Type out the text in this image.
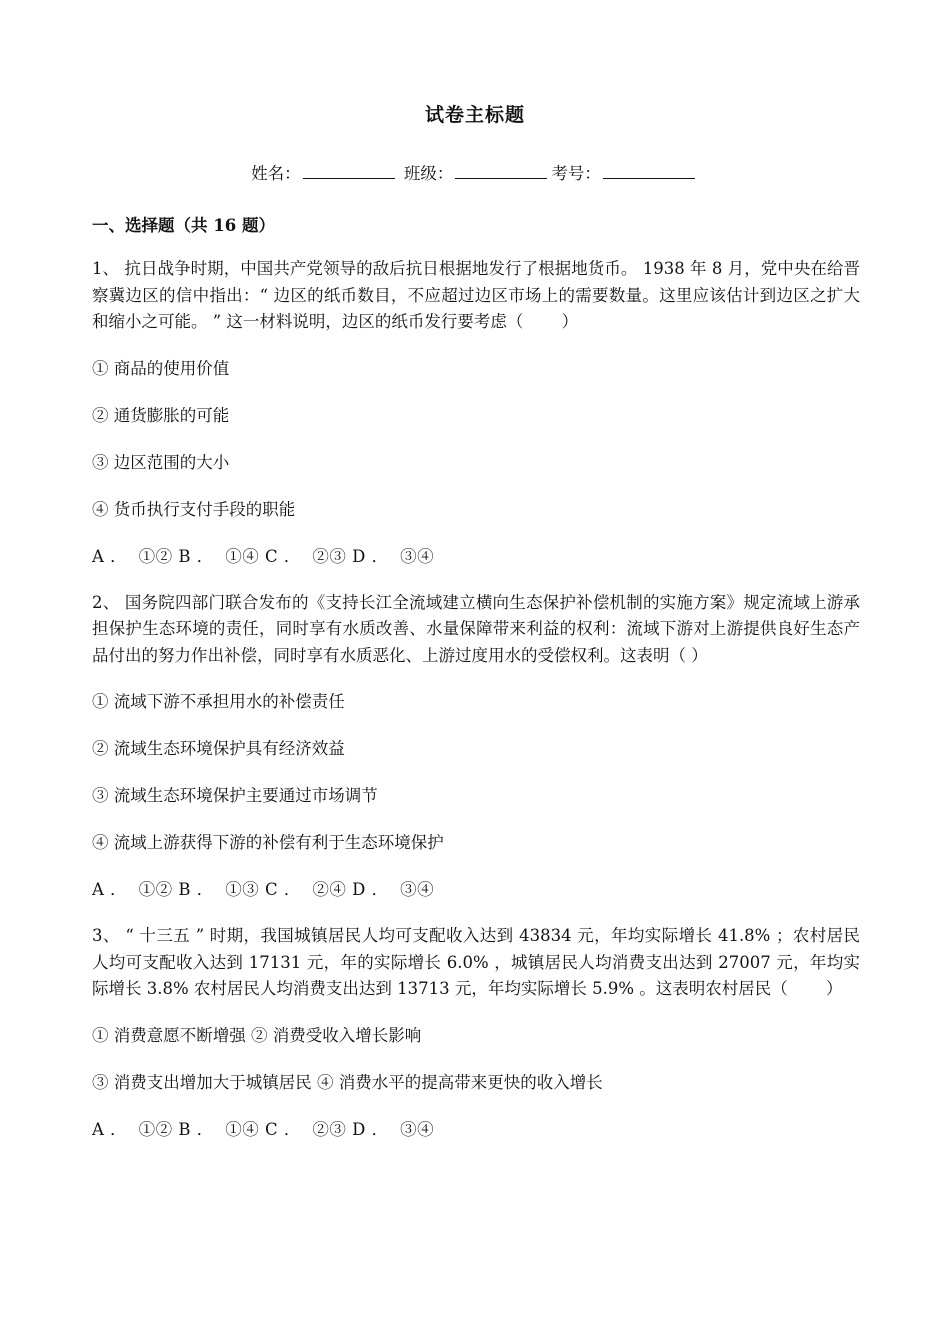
试卷主标题
姓名：	班级：	考号：
一、选择题（共 16 题）

1、 抗日战争时期，中国共产党领导的敌后抗日根据地发行了根据地货币。 1938 年 8 月，党中央在给晋察冀边区的信中指出：“ 边区的纸币数目，不应超过边区市场上的需要数量。这里应该估计到边区之扩大和缩小之可能。 ” 这一材料说明，边区的纸币发行要考虑（　　 ）

① 商品的使用价值

② 通货膨胀的可能

③ 边区范围的大小

④ 货币执行支付手段的职能

A ．  ①② B ．  ①④ C ．  ②③ D ．  ③④

2、 国务院四部门联合发布的《支持长江全流域建立横向生态保护补偿机制的实施方案》规定流域上游承担保护生态环境的责任，同时享有水质改善、水量保障带来利益的权利：流域下游对上游提供良好生态产品付出的努力作出补偿，同时享有水质恶化、上游过度用水的受偿权利。这表明（ ）

① 流域下游不承担用水的补偿责任

② 流域生态环境保护具有经济效益

③ 流域生态环境保护主要通过市场调节

④ 流域上游获得下游的补偿有利于生态环境保护

A ．  ①② B ．  ①③ C ．  ②④ D ．  ③④

3、 “ 十三五 ” 时期，我国城镇居民人均可支配收入达到 43834 元，年均实际增长 41.8% ；农村居民人均可支配收入达到 17131 元，年的实际增长 6.0% ，城镇居民人均消费支出达到 27007 元，年均实际增长 3.8% 农村居民人均消费支出达到 13713 元，年均实际增长 5.9% 。这表明农村居民（　　 ）

① 消费意愿不断增强 ② 消费受收入增长影响

③ 消费支出增加大于城镇居民 ④ 消费水平的提高带来更快的收入增长

A ．  ①② B ．  ①④ C ．  ②③ D ．  ③④
